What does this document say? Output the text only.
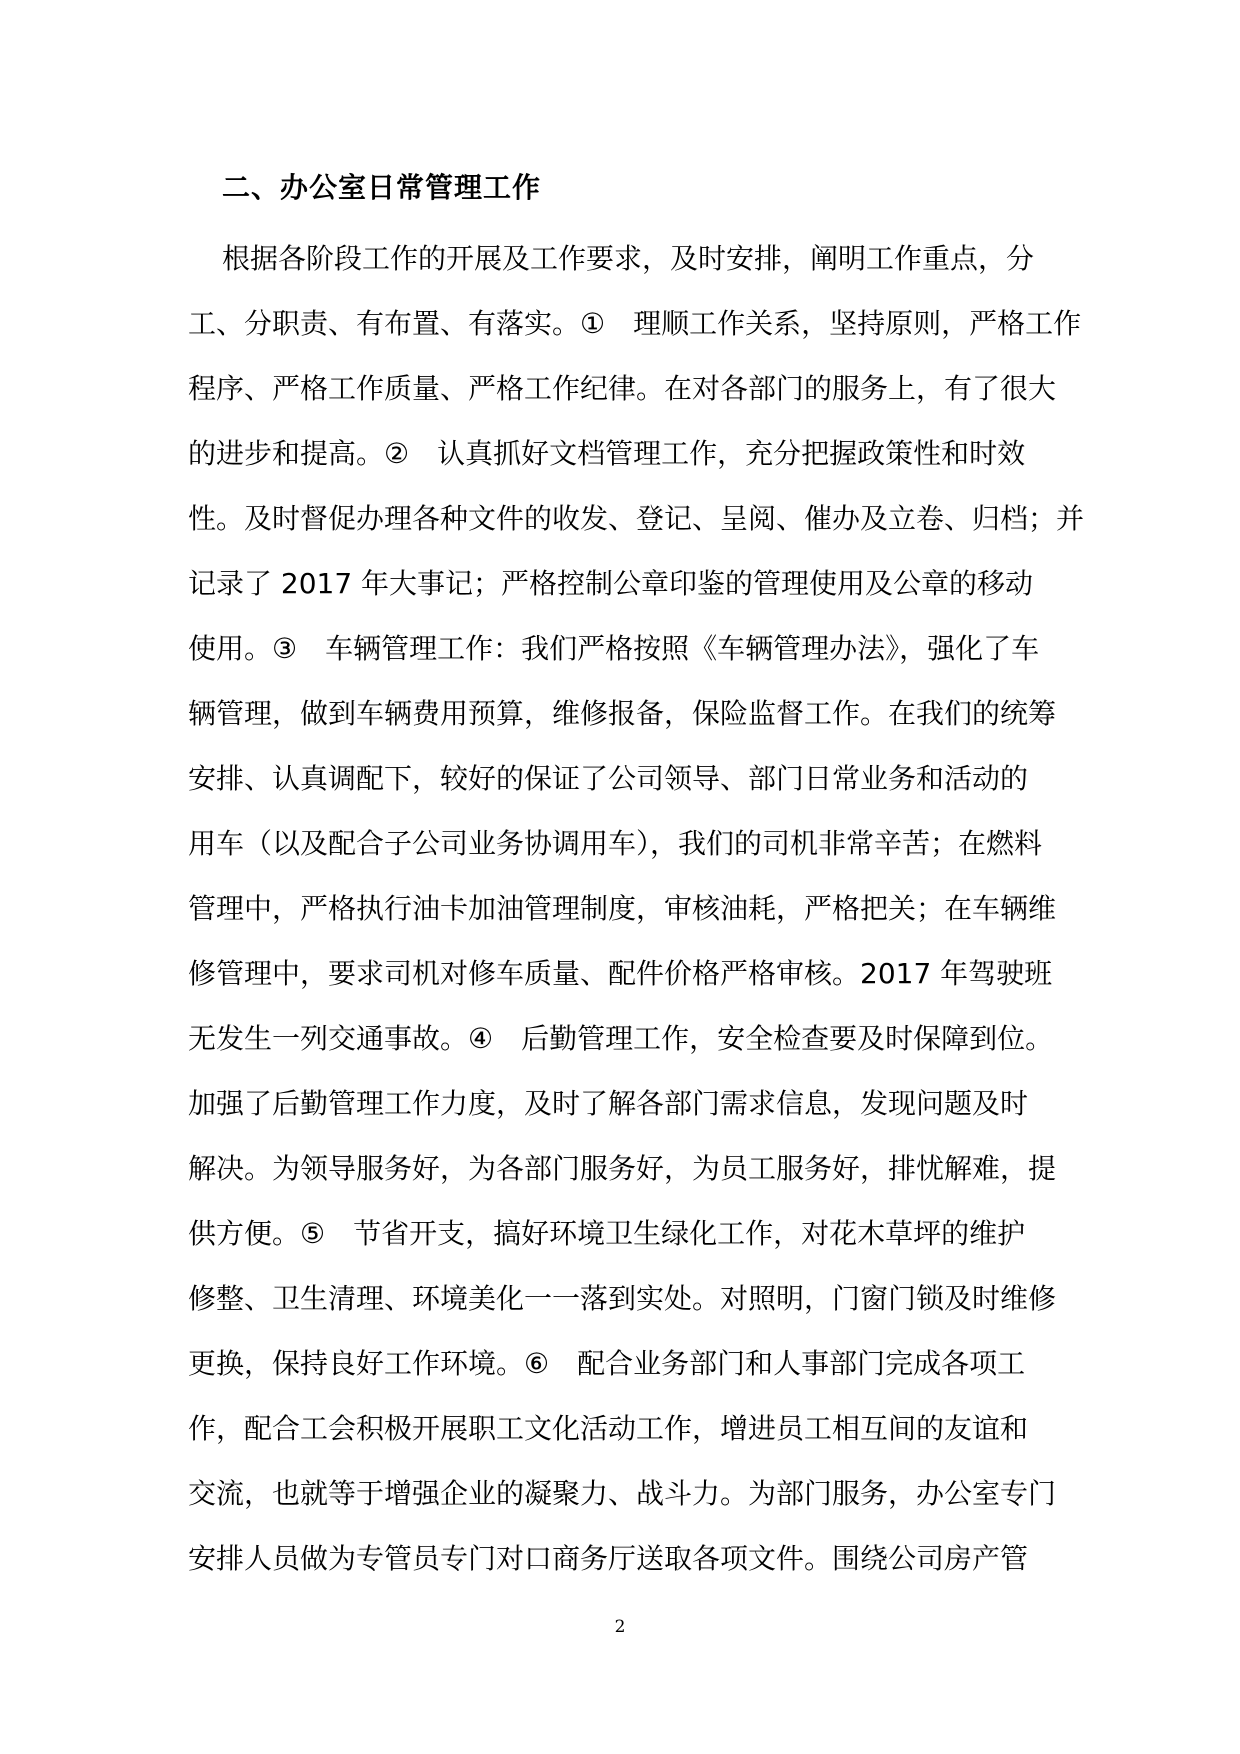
二、办公室日常管理工作
根据各阶段工作的开展及工作要求，及时安排，阐明工作重点，分
工、分职责、有布置、有落实。①　理顺工作关系，坚持原则，严格工作
程序、严格工作质量、严格工作纪律。在对各部门的服务上，有了很大
的进步和提高。②　认真抓好文档管理工作，充分把握政策性和时效
性。及时督促办理各种文件的收发、登记、呈阅、催办及立卷、归档；并
记录了 2017 年大事记；严格控制公章印鉴的管理使用及公章的移动
使用。③　车辆管理工作：我们严格按照《车辆管理办法》，强化了车
辆管理，做到车辆费用预算，维修报备，保险监督工作。在我们的统筹
安排、认真调配下，较好的保证了公司领导、部门日常业务和活动的
用车（以及配合子公司业务协调用车），我们的司机非常辛苦；在燃料
管理中，严格执行油卡加油管理制度，审核油耗，严格把关；在车辆维
修管理中，要求司机对修车质量、配件价格严格审核。2017 年驾驶班
无发生一列交通事故。④　后勤管理工作，安全检查要及时保障到位。
加强了后勤管理工作力度，及时了解各部门需求信息，发现问题及时
解决。为领导服务好，为各部门服务好，为员工服务好，排忧解难，提
供方便。⑤　节省开支，搞好环境卫生绿化工作，对花木草坪的维护
修整、卫生清理、环境美化一一落到实处。对照明，门窗门锁及时维修
更换，保持良好工作环境。⑥　配合业务部门和人事部门完成各项工
作，配合工会积极开展职工文化活动工作，增进员工相互间的友谊和
交流，也就等于增强企业的凝聚力、战斗力。为部门服务，办公室专门
安排人员做为专管员专门对口商务厅送取各项文件。围绕公司房产管

2
